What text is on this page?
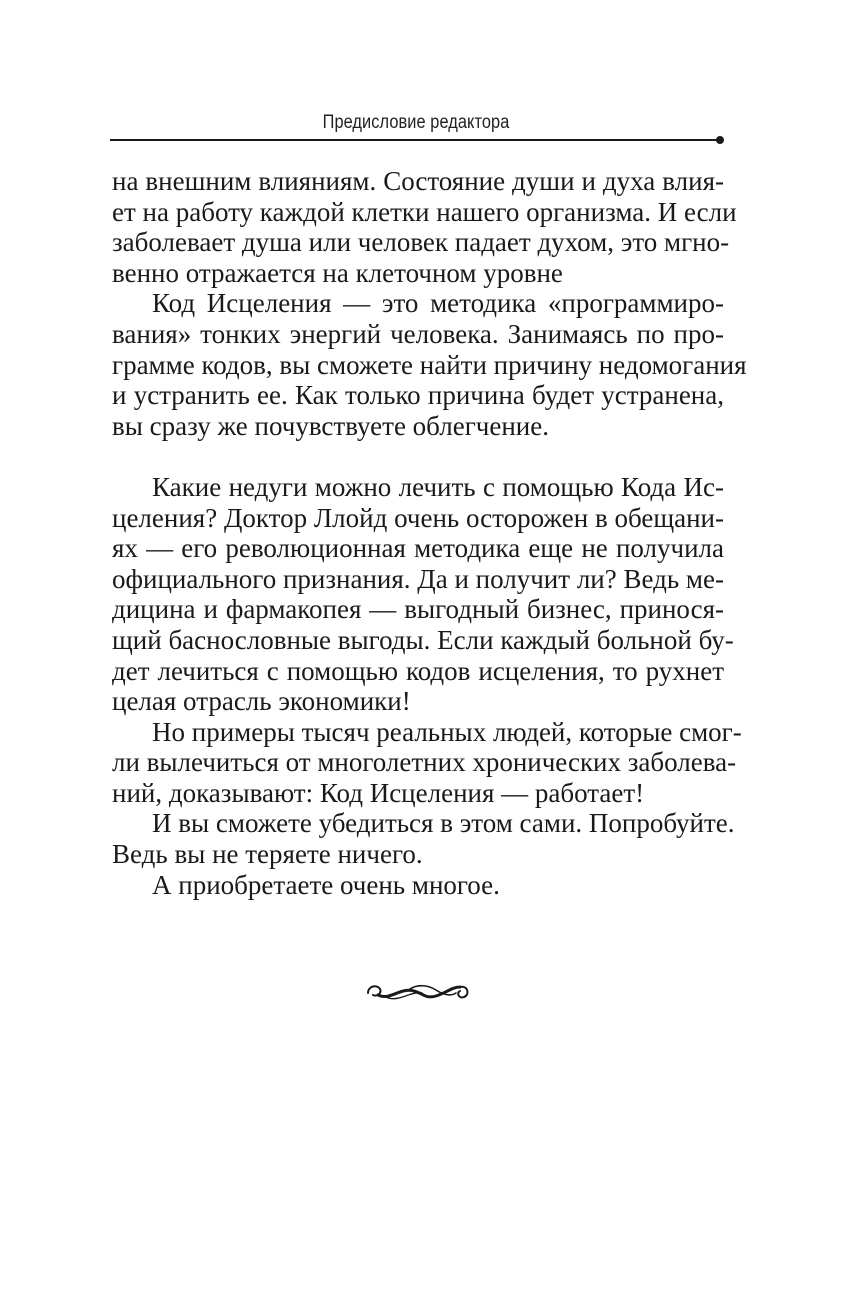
Предисловие редактора
на внешним влияниям. Состояние души и духа влия-
ет на работу каждой клетки нашего организма. И если
заболевает душа или человек падает духом, это мгно-
венно отражается на клеточном уровне
Код Исцеления — это методика «программиро-
вания» тонких энергий человека. Занимаясь по про-
грамме кодов, вы сможете найти причину недомогания
и устранить ее. Как только причина будет устранена,
вы сразу же почувствуете облегчение.
Какие недуги можно лечить с помощью Кода Ис-
целения? Доктор Ллойд очень осторожен в обещани-
ях — его революционная методика еще не получила
официального признания. Да и получит ли? Ведь ме-
дицина и фармакопея — выгодный бизнес, принося-
щий баснословные выгоды. Если каждый больной бу-
дет лечиться с помощью кодов исцеления, то рухнет
целая отрасль экономики!
Но примеры тысяч реальных людей, которые смог-
ли вылечиться от многолетних хронических заболева-
ний, доказывают: Код Исцеления — работает!
И вы сможете убедиться в этом сами. Попробуйте.
Ведь вы не теряете ничего.
А приобретаете очень многое.
